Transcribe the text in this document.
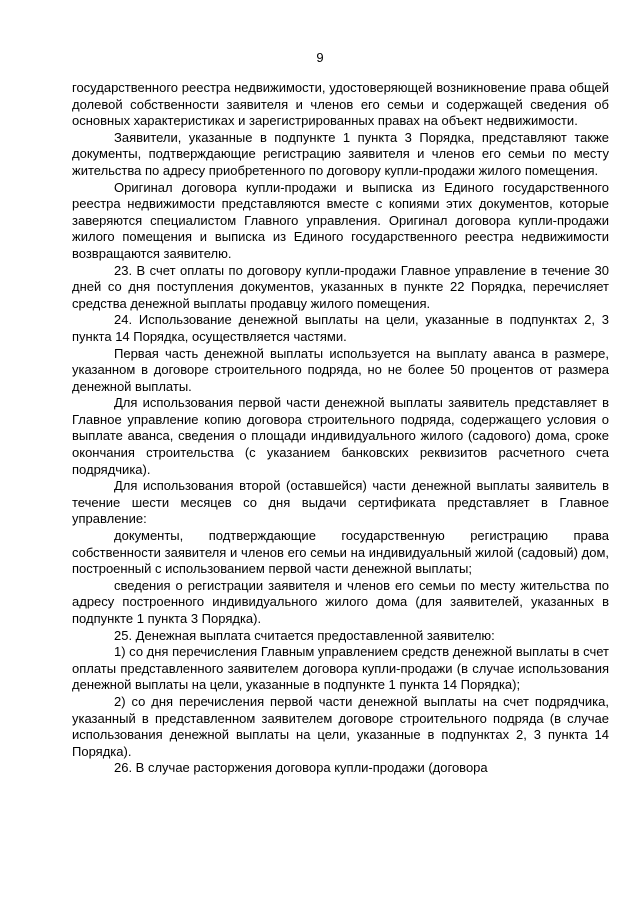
9

государственного реестра недвижимости, удостоверяющей возникновение права общей долевой собственности заявителя и членов его семьи и содержащей сведения об основных характеристиках и зарегистрированных правах на объект недвижимости.

Заявители, указанные в подпункте 1 пункта 3 Порядка, представляют также документы, подтверждающие регистрацию заявителя и членов его семьи по месту жительства по адресу приобретенного по договору купли-продажи жилого помещения.

Оригинал договора купли-продажи и выписка из Единого государственного реестра недвижимости представляются вместе с копиями этих документов, которые заверяются специалистом Главного управления. Оригинал договора купли-продажи жилого помещения и выписка из Единого государственного реестра недвижимости возвращаются заявителю.

23. В счет оплаты по договору купли-продажи Главное управление в течение 30 дней со дня поступления документов, указанных в пункте 22 Порядка, перечисляет средства денежной выплаты продавцу жилого помещения.

24. Использование денежной выплаты на цели, указанные в подпунктах 2, 3 пункта 14 Порядка, осуществляется частями.

Первая часть денежной выплаты используется на выплату аванса в размере, указанном в договоре строительного подряда, но не более 50 процентов от размера денежной выплаты.

Для использования первой части денежной выплаты заявитель представляет в Главное управление копию договора строительного подряда, содержащего условия о выплате аванса, сведения о площади индивидуального жилого (садового) дома, сроке окончания строительства (с указанием банковских реквизитов расчетного счета подрядчика).

Для использования второй (оставшейся) части денежной выплаты заявитель в течение шести месяцев со дня выдачи сертификата представляет в Главное управление:

документы, подтверждающие государственную регистрацию права собственности заявителя и членов его семьи на индивидуальный жилой (садовый) дом, построенный с использованием первой части денежной выплаты;

сведения о регистрации заявителя и членов его семьи по месту жительства по адресу построенного индивидуального жилого дома (для заявителей, указанных в подпункте 1 пункта 3 Порядка).

25. Денежная выплата считается предоставленной заявителю:

1) со дня перечисления Главным управлением средств денежной выплаты в счет оплаты представленного заявителем договора купли-продажи (в случае использования денежной выплаты на цели, указанные в подпункте 1 пункта 14 Порядка);

2) со дня перечисления первой части денежной выплаты на счет подрядчика, указанный в представленном заявителем договоре строительного подряда (в случае использования денежной выплаты на цели, указанные в подпунктах 2, 3 пункта 14 Порядка).

26. В случае расторжения договора купли-продажи (договора
